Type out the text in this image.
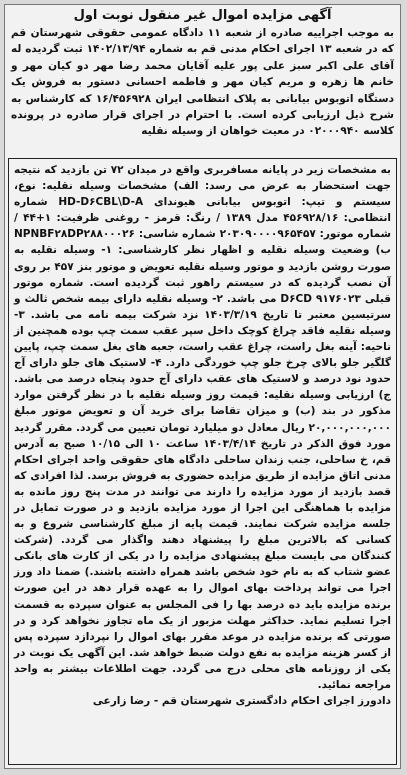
آگهی مزایده اموال غیر منقول نوبت اول
به موجب اجراییه صادره از شعبه ۱۱ دادگاه عمومی حقوقی شهرستان قم که در شعبه ۱۳ اجرای احکام مدنی قم به شماره ۱۴۰۲/۱۳/۹۴ ثبت گردیده له آقای علی اکبر سبز علی پور علیه آقایان محمد رضا مهر دو کیان مهر و خانم ها زهره و مریم کیان مهر و فاطمه احسانی دستور به فروش یک دستگاه اتوبوس بیابانی به پلاک انتظامی ایران ۱۶/۴۵۶۹۲۸ که کارشناس به شرح ذیل ارزیابی کرده است. با احترام در اجرای قرار صادره در پرونده کلاسه ۰۲۰۰۰۹۴۰ در معیت خواهان از وسیله نقلیه

به مشخصات زیر در پایانه مسافربری واقع در میدان ۷۲ تن بازدید که نتیجه جهت استحضار به عرض می رسد: الف) مشخصات وسیله نقلیه: نوع، سیستم و تیپ: اتوبوس بیابانی هیوندای HD-D۶CBL\D-A شماره انتظامی: ۴۵۶۹۲۸/۱۶ مدل ۱۳۸۹ / رنگ: قرمز - روغنی ظرفیت: ۱+۴۴ / شماره موتور: ۲۰۳۰۹۰۰۰۰۹۶۵۴۵۷ شماره شاسی: NPNBF۲۸DP۲۸۸۰۰۰۲۶ ب) وضعیت وسیله نقلیه و اظهار نظر کارشناسی: ۱- وسیله نقلیه به صورت روشن بازدید و موتور وسیله نقلیه تعویض و موتور بنز ۴۵۷ بر روی آن نصب گردیده که در سیستم راهور ثبت گردیده است. شماره موتور قبلی ۹۱۷۶۰۲۳ D۶CD می باشد. ۲- وسیله نقلیه دارای بیمه شخص ثالث و سرتیسین معتبر تا تاریخ ۱۴۰۳/۳/۱۹ نزد شرکت بیمه نامه می باشد. ۳- وسیله نقلیه فاقد چراغ کوچک داخل سپر عقب سمت چپ بوده همچنین از ناحیه: آینه بغل راست، چراغ عقب راست، جعبه های بغل سمت چپ، پایین گلگیر جلو بالای چرخ جلو چپ خوردگی دارد. ۴- لاستیک های جلو دارای آج حدود نود درصد و لاستیک های عقب دارای آج حدود پنجاه درصد می باشد. ج) ارزیابی وسیله نقلیه: قیمت روز وسیله نقلیه با در نظر گرفتن موارد مذکور در بند (ب) و میزان تقاضا برای خرید آن و تعویض موتور مبلغ ۲۰,۰۰۰,۰۰۰,۰۰۰ ریال معادل دو میلیارد تومان تعیین می گردد. مقرر گردید مورد فوق الذکر در تاریخ ۱۴۰۳/۴/۱۴ ساعت ۱۰ الی ۱۰/۱۵ صبح به آدرس قم، خ ساحلی، جنب زندان ساحلی دادگاه های حقوقی واحد اجرای احکام مدنی اتاق مزایده از طریق مزایده حضوری به فروش برسد. لذا افرادی که قصد بازدید از مورد مزایده را دارند می توانند در مدت پنج روز مانده به مزایده با هماهنگی این اجرا از مورد مزایده بازدید و در صورت تمایل در جلسه مزایده شرکت نمایند. قیمت پایه از مبلغ کارشناسی شروع و به کسانی که بالاترین مبلغ را پیشنهاد دهند واگذار می گردد. (شرکت کنندگان می بایست مبلغ پیشنهادی مزایده را در یکی از کارت های بانکی عضو شتاب که به نام خود شخص باشد همراه داشته باشند.) ضمنا داد ورز اجرا می تواند پرداخت بهای اموال را به عهده قرار دهد در این صورت برنده مزایده باید ده درصد بها را فی المجلس به عنوان سپرده به قسمت اجرا تسلیم نماید. حداکثر مهلت مزبور از یک ماه تجاوز نخواهد کرد و در صورتی که برنده مزایده در موعد مقرر بهای اموال را نپردازد سپرده پس از کسر هزینه مزایده به نفع دولت ضبط خواهد شد. این آگهی یک نوبت در یکی از روزنامه های محلی درج می گردد. جهت اطلاعات بیشتر به واحد مراجعه نمائید.

دادورز اجرای احکام دادگستری شهرستان قم - رضا زارعی
